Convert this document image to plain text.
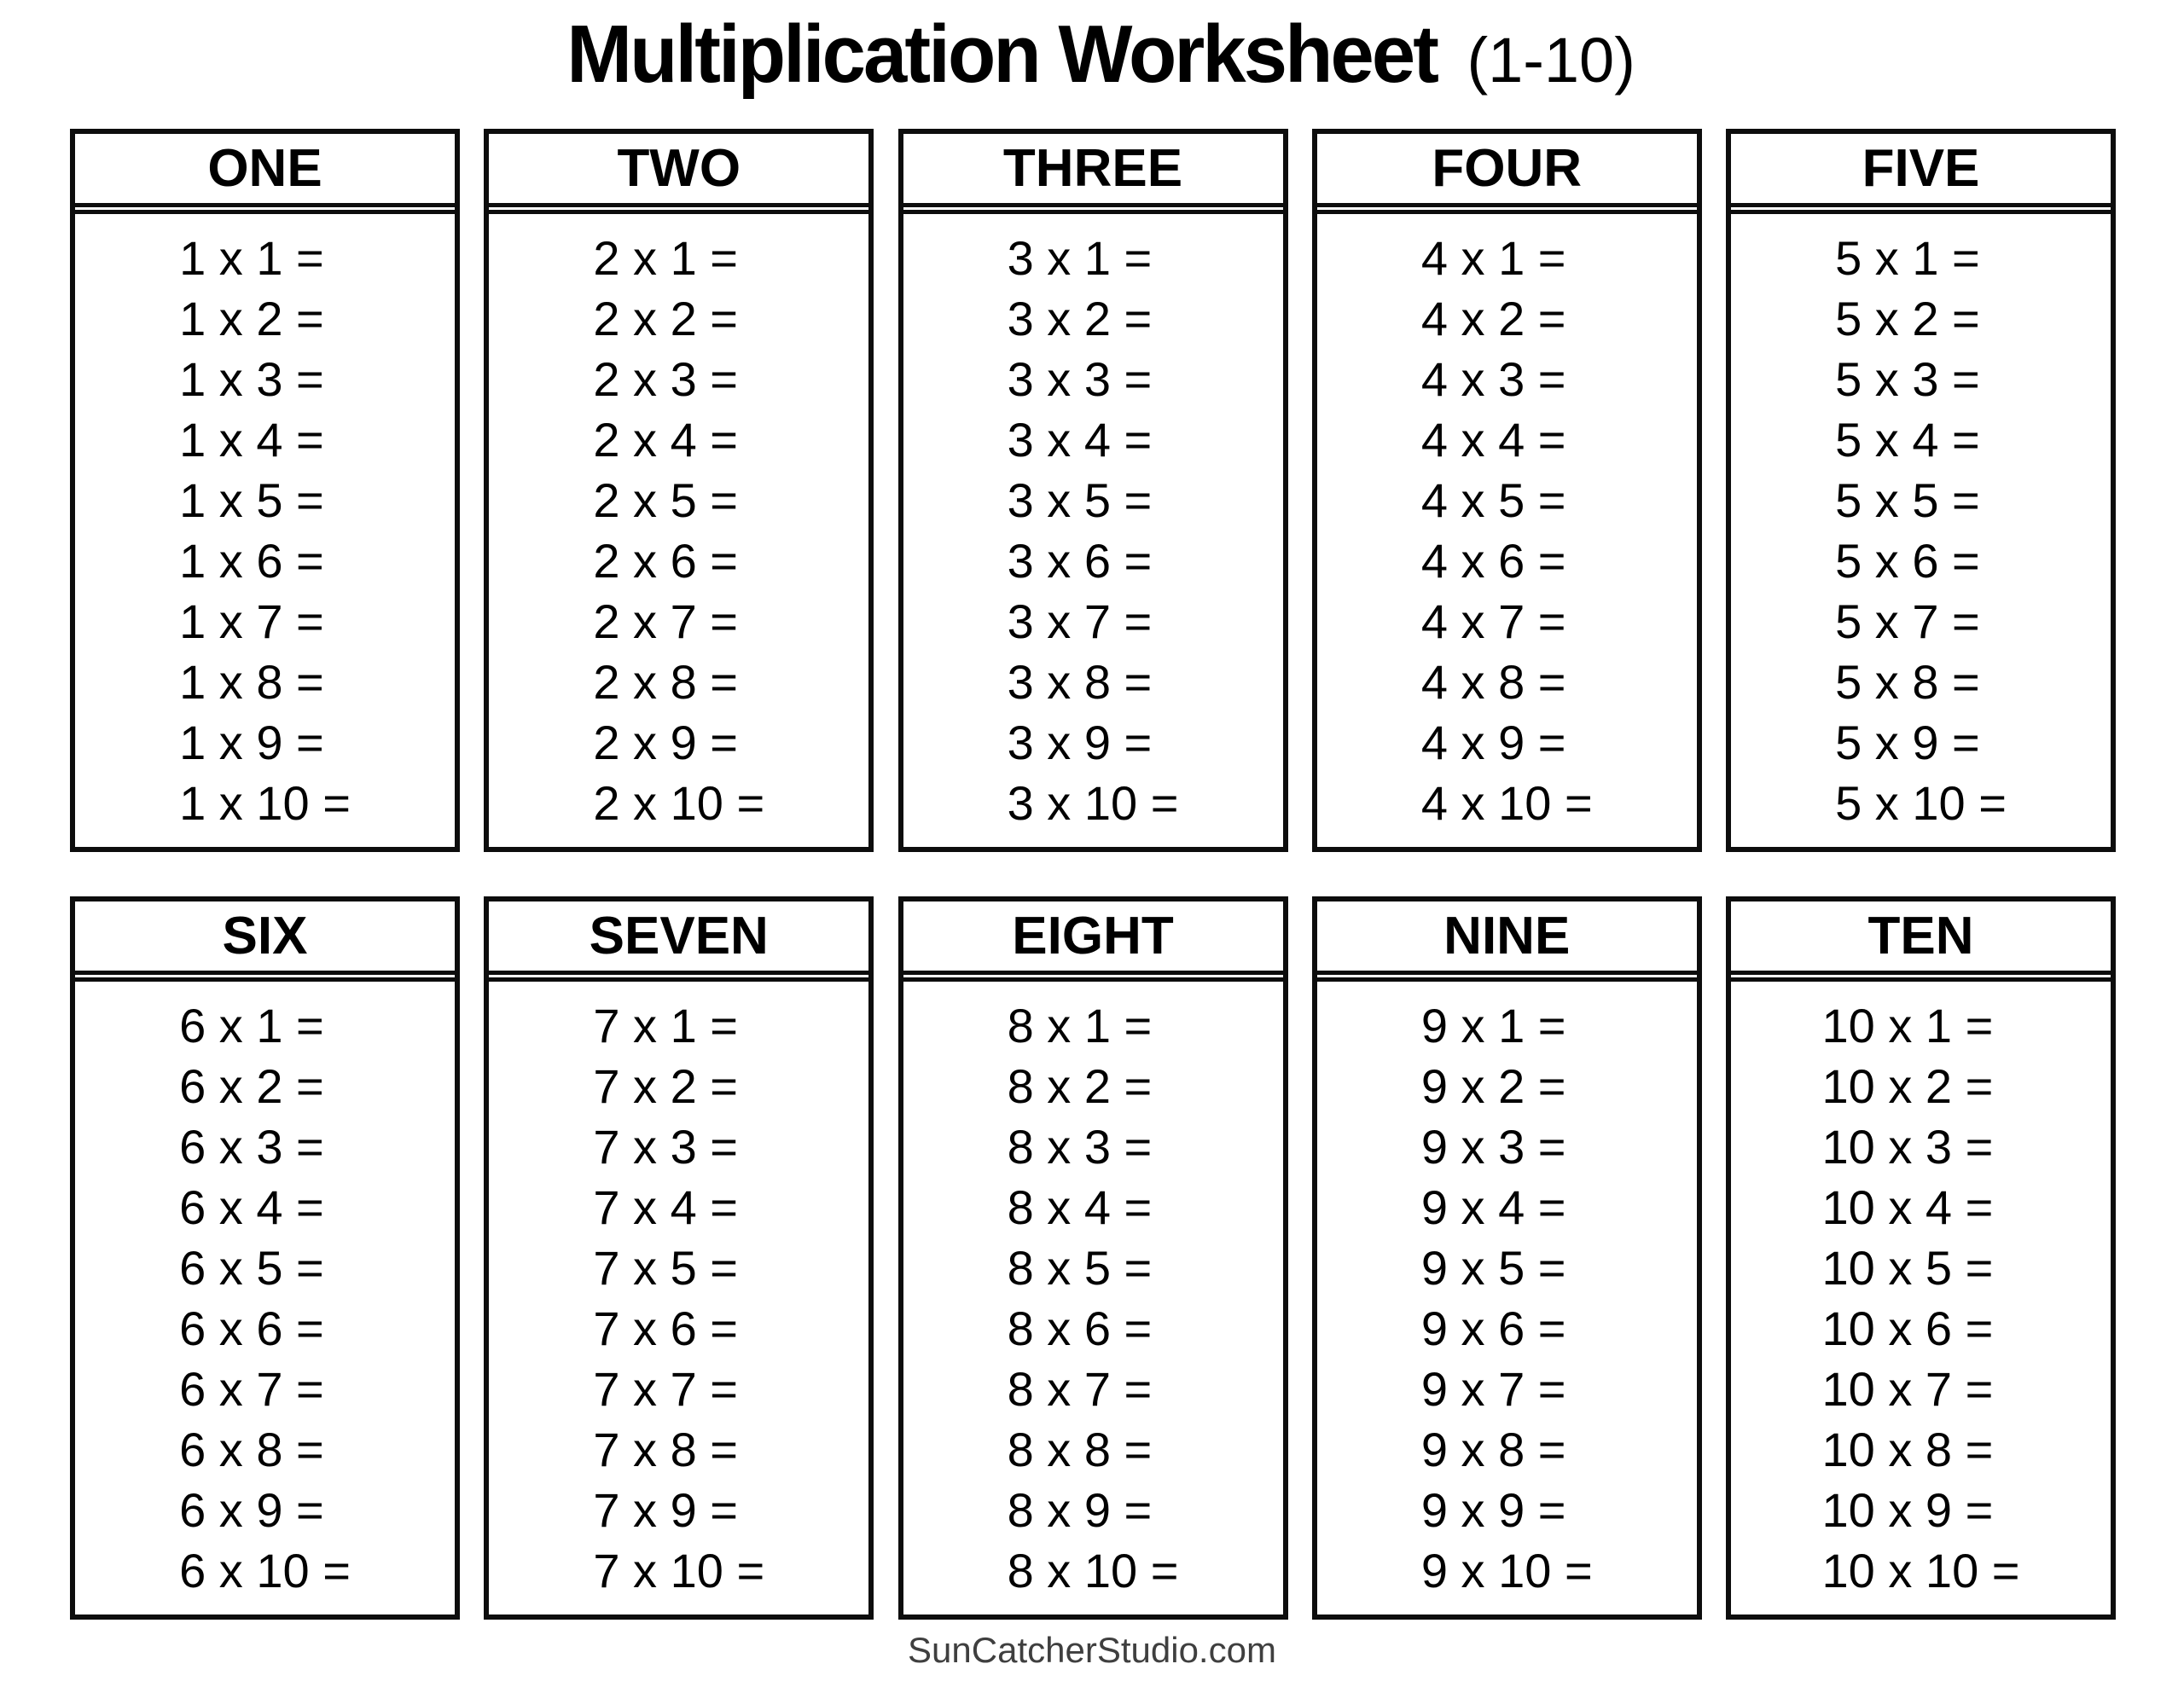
Multiplication Worksheet (1-10)
ONE
1 x 1 =
1 x 2 =
1 x 3 =
1 x 4 =
1 x 5 =
1 x 6 =
1 x 7 =
1 x 8 =
1 x 9 =
1 x 10 =
TWO
2 x 1 =
2 x 2 =
2 x 3 =
2 x 4 =
2 x 5 =
2 x 6 =
2 x 7 =
2 x 8 =
2 x 9 =
2 x 10 =
THREE
3 x 1 =
3 x 2 =
3 x 3 =
3 x 4 =
3 x 5 =
3 x 6 =
3 x 7 =
3 x 8 =
3 x 9 =
3 x 10 =
FOUR
4 x 1 =
4 x 2 =
4 x 3 =
4 x 4 =
4 x 5 =
4 x 6 =
4 x 7 =
4 x 8 =
4 x 9 =
4 x 10 =
FIVE
5 x 1 =
5 x 2 =
5 x 3 =
5 x 4 =
5 x 5 =
5 x 6 =
5 x 7 =
5 x 8 =
5 x 9 =
5 x 10 =
SIX
6 x 1 =
6 x 2 =
6 x 3 =
6 x 4 =
6 x 5 =
6 x 6 =
6 x 7 =
6 x 8 =
6 x 9 =
6 x 10 =
SEVEN
7 x 1 =
7 x 2 =
7 x 3 =
7 x 4 =
7 x 5 =
7 x 6 =
7 x 7 =
7 x 8 =
7 x 9 =
7 x 10 =
EIGHT
8 x 1 =
8 x 2 =
8 x 3 =
8 x 4 =
8 x 5 =
8 x 6 =
8 x 7 =
8 x 8 =
8 x 9 =
8 x 10 =
NINE
9 x 1 =
9 x 2 =
9 x 3 =
9 x 4 =
9 x 5 =
9 x 6 =
9 x 7 =
9 x 8 =
9 x 9 =
9 x 10 =
TEN
10 x 1 =
10 x 2 =
10 x 3 =
10 x 4 =
10 x 5 =
10 x 6 =
10 x 7 =
10 x 8 =
10 x 9 =
10 x 10 =
SunCatcherStudio.com
